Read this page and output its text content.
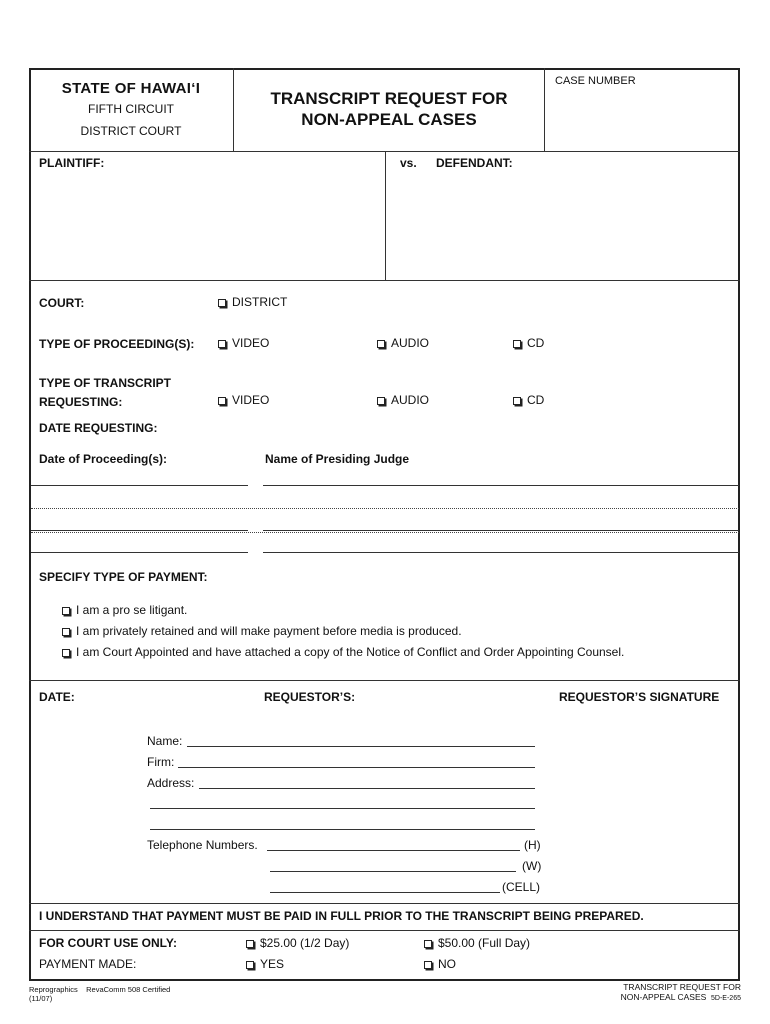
STATE OF HAWAI‘I
FIFTH CIRCUIT
DISTRICT COURT
TRANSCRIPT REQUEST FOR
NON-APPEAL CASES
CASE NUMBER
PLAINTIFF:	vs. DEFENDANT:
COURT:	DISTRICT
TYPE OF PROCEEDING(S):	VIDEO	AUDIO	CD
TYPE OF TRANSCRIPT
REQUESTING:	VIDEO	AUDIO	CD
DATE REQUESTING:
Date of Proceeding(s):	Name of Presiding Judge
SPECIFY TYPE OF PAYMENT:
I am a pro se litigant.
I am privately retained and will make payment before media is produced.
I am Court Appointed and have attached a copy of the Notice of Conflict and Order Appointing Counsel.
DATE:	REQUESTOR’S:	REQUESTOR’S SIGNATURE
Name:
Firm:
Address:
Telephone Numbers.	(H)
(W)
(CELL)
I UNDERSTAND THAT PAYMENT MUST BE PAID IN FULL PRIOR TO THE TRANSCRIPT BEING PREPARED.
FOR COURT USE ONLY:	$25.00 (1/2 Day)	$50.00 (Full Day)
PAYMENT MADE:	YES	NO
Reprographics RevaComm 508 Certified
(11/07)
TRANSCRIPT REQUEST FOR
NON-APPEAL CASES 5D-E-265
